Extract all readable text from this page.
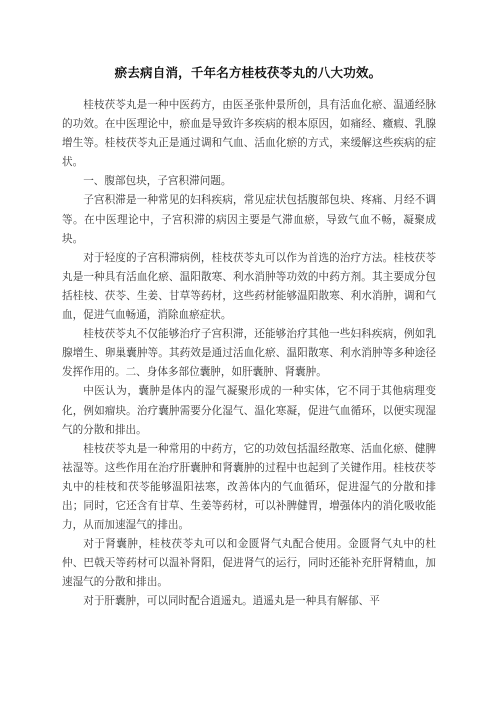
瘀去病自消，千年名方桂枝茯苓丸的八大功效。

桂枝茯苓丸是一种中医药方，由医圣张仲景所创，具有活血化瘀、温通经脉的功效。在中医理论中，瘀血是导致许多疾病的根本原因，如痛经、癥瘕、乳腺增生等。桂枝茯苓丸正是通过调和气血、活血化瘀的方式，来缓解这些疾病的症状。

一、腹部包块，子宫积滞问题。

子宫积滞是一种常见的妇科疾病，常见症状包括腹部包块、疼痛、月经不调等。在中医理论中，子宫积滞的病因主要是气滞血瘀，导致气血不畅，凝聚成块。

对于轻度的子宫积滞病例，桂枝茯苓丸可以作为首选的治疗方法。桂枝茯苓丸是一种具有活血化瘀、温阳散寒、利水消肿等功效的中药方剂。其主要成分包括桂枝、茯苓、生姜、甘草等药材，这些药材能够温阳散寒、利水消肿，调和气血，促进气血畅通，消除血瘀症状。

桂枝茯苓丸不仅能够治疗子宫积滞，还能够治疗其他一些妇科疾病，例如乳腺增生、卵巢囊肿等。其药效是通过活血化瘀、温阳散寒、利水消肿等多种途径发挥作用的。二、身体多部位囊肿，如肝囊肿、肾囊肿。

中医认为，囊肿是体内的湿气凝聚形成的一种实体，它不同于其他病理变化，例如瘤块。治疗囊肿需要分化湿气、温化寒凝，促进气血循环，以便实现湿气的分散和排出。

桂枝茯苓丸是一种常用的中药方，它的功效包括温经散寒、活血化瘀、健脾祛湿等。这些作用在治疗肝囊肿和肾囊肿的过程中也起到了关键作用。桂枝茯苓丸中的桂枝和茯苓能够温阳祛寒，改善体内的气血循环，促进湿气的分散和排出；同时，它还含有甘草、生姜等药材，可以补脾健胃，增强体内的消化吸收能力，从而加速湿气的排出。

对于肾囊肿，桂枝茯苓丸可以和金匮肾气丸配合使用。金匮肾气丸中的杜仲、巴戟天等药材可以温补肾阳，促进肾气的运行，同时还能补充肝肾精血，加速湿气的分散和排出。

对于肝囊肿，可以同时配合逍遥丸。逍遥丸是一种具有解郁、平
